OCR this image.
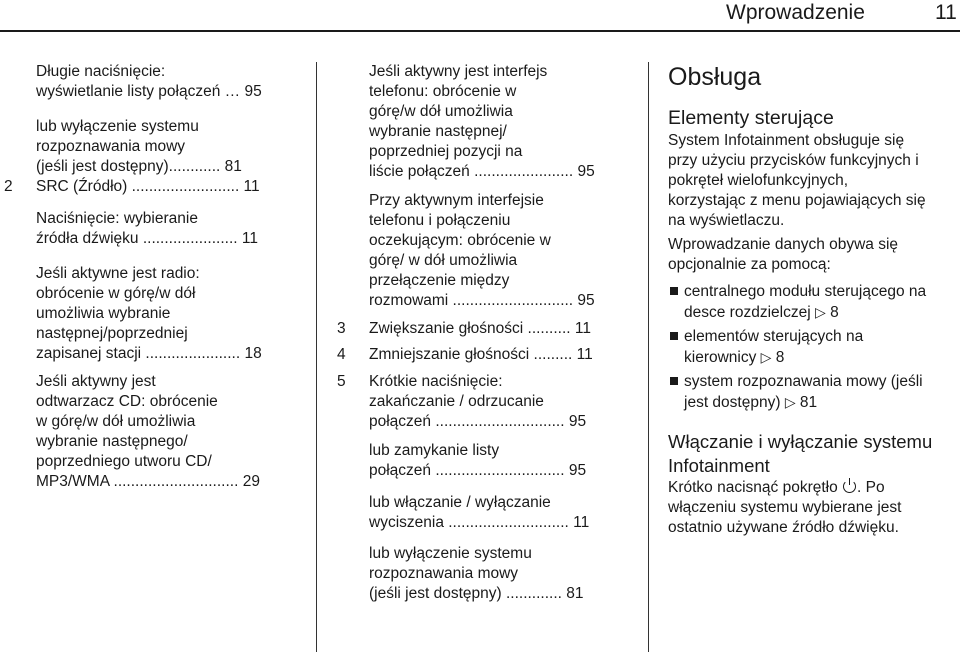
Wprowadzenie	11
Długie naciśnięcie:
wyświetlanie listy połączeń … 95
lub wyłączenie systemu
rozpoznawania mowy
(jeśli jest dostępny)............ 81
2 SRC (Źródło) ......................... 11
Naciśnięcie: wybieranie
źródła dźwięku ...................... 11
Jeśli aktywne jest radio:
obrócenie w górę/w dół
umożliwia wybranie
następnej/poprzedniej
zapisanej stacji ...................... 18
Jeśli aktywny jest
odtwarzacz CD: obrócenie
w górę/w dół umożliwia
wybranie następnego/
poprzedniego utworu CD/
MP3/WMA ............................. 29
Jeśli aktywny jest interfejs
telefonu: obrócenie w
górę/w dół umożliwia
wybranie następnej/
poprzedniej pozycji na
liście połączeń ....................... 95
Przy aktywnym interfejsie
telefonu i połączeniu
oczekującym: obrócenie w
górę/ w dół umożliwia
przełączenie między
rozmowami ............................ 95
3 Zwiększanie głośności .......... 11
4 Zmniejszanie głośności ......... 11
5 Krótkie naciśnięcie:
zakańczanie / odrzucanie
połączeń .............................. 95
lub zamykanie listy
połączeń .............................. 95
lub włączanie / wyłączanie
wyciszenia ............................ 11
lub wyłączenie systemu
rozpoznawania mowy
(jeśli jest dostępny) ............. 81
Obsługa
Elementy sterujące
System Infotainment obsługuje się
przy użyciu przycisków funkcyjnych i
pokręteł wielofunkcyjnych,
korzystając z menu pojawiających się
na wyświetlaczu.
Wprowadzanie danych obywa się
opcjonalnie za pomocą:
centralnego modułu sterującego na
desce rozdzielczej ▷ 8
elementów sterujących na
kierownicy ▷ 8
system rozpoznawania mowy (jeśli
jest dostępny) ▷ 81
Włączanie i wyłączanie systemu
Infotainment
Krótko nacisnąć pokrętło . Po
włączeniu systemu wybierane jest
ostatnio używane źródło dźwięku.
